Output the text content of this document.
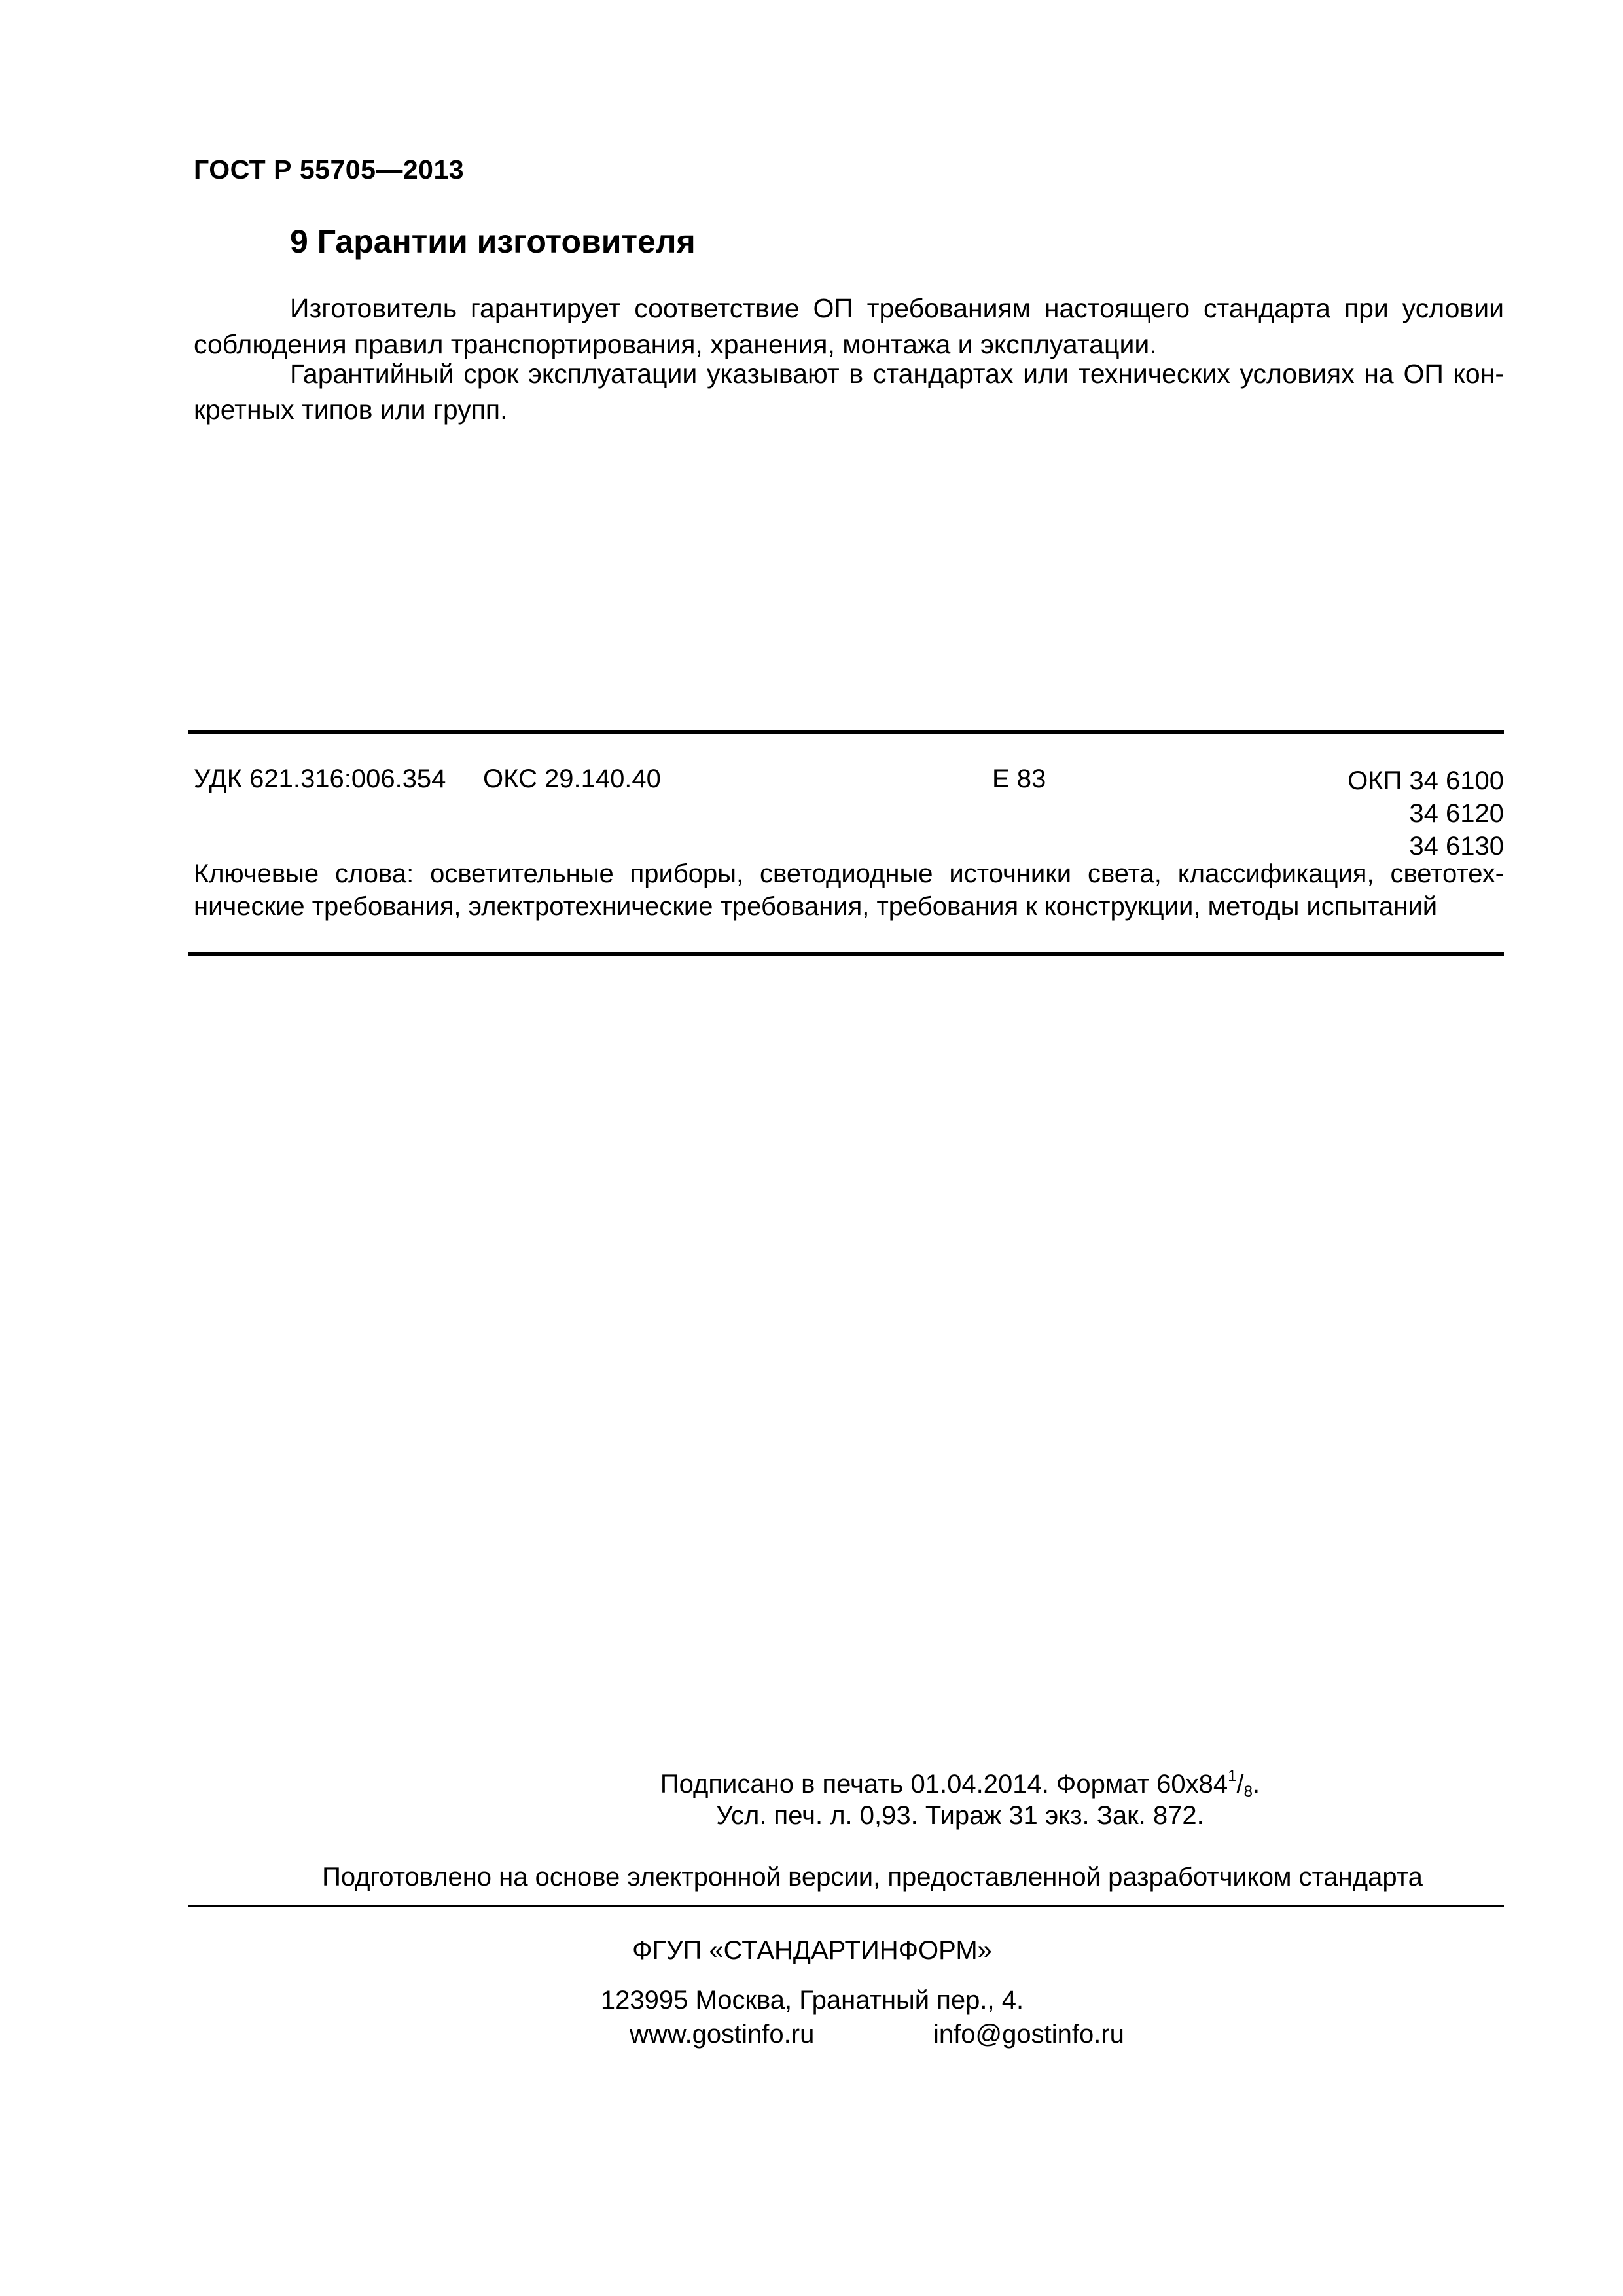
ГОСТ Р 55705—2013
9 Гарантии изготовителя

Изготовитель гарантирует соответствие ОП требованиям настоящего стандарта при условии соблюдения правил транспортирования, хранения, монтажа и эксплуатации.

Гарантийный срок эксплуатации указывают в стандартах или технических условиях на ОП конкретных типов или групп.

УДК 621.316:006.354 ОКС 29.140.40	Е 83	ОКП 34 6100
34 6120
34 6130

Ключевые слова: осветительные приборы, светодиодные источники света, классификация, светотехнические требования, электротехнические требования, требования к конструкции, методы испытаний

Подписано в печать 01.04.2014. Формат $60х84^1/_8$.
Усл. печ. л. 0,93. Тираж 31 экз. Зак. 872.
Подготовлено на основе электронной версии, предоставленной разработчиком стандарта
ФГУП «СТАНДАРТИНФОРМ»
123995 Москва, Гранатный пер., 4.
www.gostinfo.ru	info@gostinfo.ru
